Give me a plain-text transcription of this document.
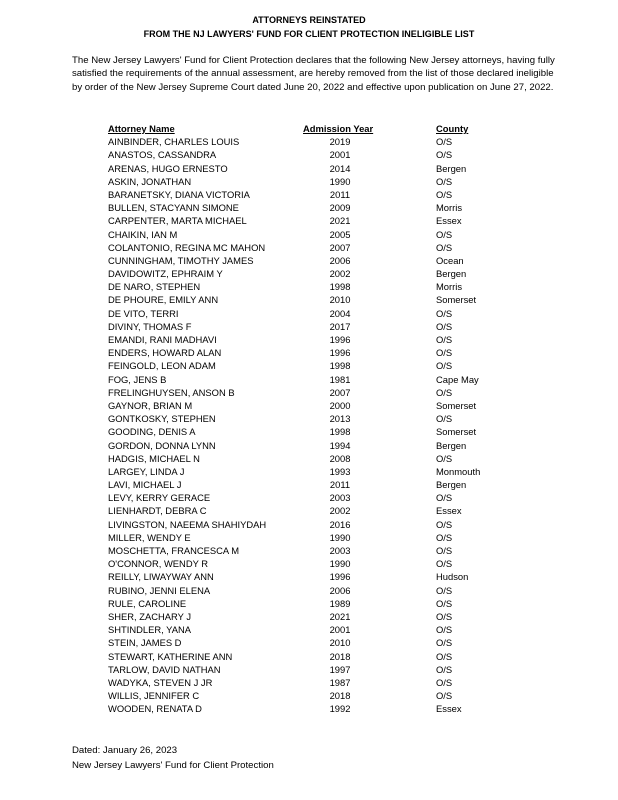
ATTORNEYS REINSTATED
FROM THE NJ LAWYERS' FUND FOR CLIENT PROTECTION INELIGIBLE LIST
The New Jersey Lawyers' Fund for Client Protection declares that the following New Jersey attorneys, having fully satisfied the requirements of the annual assessment, are hereby removed from the list of those declared ineligible by order of the New Jersey Supreme Court dated June 20, 2022 and effective upon publication on June 27, 2022.
Attorney Name	Admission Year	County
AINBINDER, CHARLES LOUIS	2019	O/S
ANASTOS, CASSANDRA	2001	O/S
ARENAS, HUGO ERNESTO	2014	Bergen
ASKIN, JONATHAN	1990	O/S
BARANETSKY, DIANA VICTORIA	2011	O/S
BULLEN, STACYANN SIMONE	2009	Morris
CARPENTER, MARTA MICHAEL	2021	Essex
CHAIKIN, IAN M	2005	O/S
COLANTONIO, REGINA MC MAHON	2007	O/S
CUNNINGHAM, TIMOTHY JAMES	2006	Ocean
DAVIDOWITZ, EPHRAIM Y	2002	Bergen
DE NARO, STEPHEN	1998	Morris
DE PHOURE, EMILY ANN	2010	Somerset
DE VITO, TERRI	2004	O/S
DIVINY, THOMAS F	2017	O/S
EMANDI, RANI MADHAVI	1996	O/S
ENDERS, HOWARD ALAN	1996	O/S
FEINGOLD, LEON ADAM	1998	O/S
FOG, JENS B	1981	Cape May
FRELINGHUYSEN, ANSON B	2007	O/S
GAYNOR, BRIAN M	2000	Somerset
GONTKOSKY, STEPHEN	2013	O/S
GOODING, DENIS A	1998	Somerset
GORDON, DONNA LYNN	1994	Bergen
HADGIS, MICHAEL N	2008	O/S
LARGEY, LINDA J	1993	Monmouth
LAVI, MICHAEL J	2011	Bergen
LEVY, KERRY GERACE	2003	O/S
LIENHARDT, DEBRA C	2002	Essex
LIVINGSTON, NAEEMA SHAHIYDAH	2016	O/S
MILLER, WENDY E	1990	O/S
MOSCHETTA, FRANCESCA M	2003	O/S
O'CONNOR, WENDY R	1990	O/S
REILLY, LIWAYWAY ANN	1996	Hudson
RUBINO, JENNI ELENA	2006	O/S
RULE, CAROLINE	1989	O/S
SHER, ZACHARY J	2021	O/S
SHTINDLER, YANA	2001	O/S
STEIN, JAMES D	2010	O/S
STEWART, KATHERINE ANN	2018	O/S
TARLOW, DAVID NATHAN	1997	O/S
WADYKA, STEVEN J JR	1987	O/S
WILLIS, JENNIFER C	2018	O/S
WOODEN, RENATA D	1992	Essex
Dated: January 26, 2023
New Jersey Lawyers' Fund for Client Protection
